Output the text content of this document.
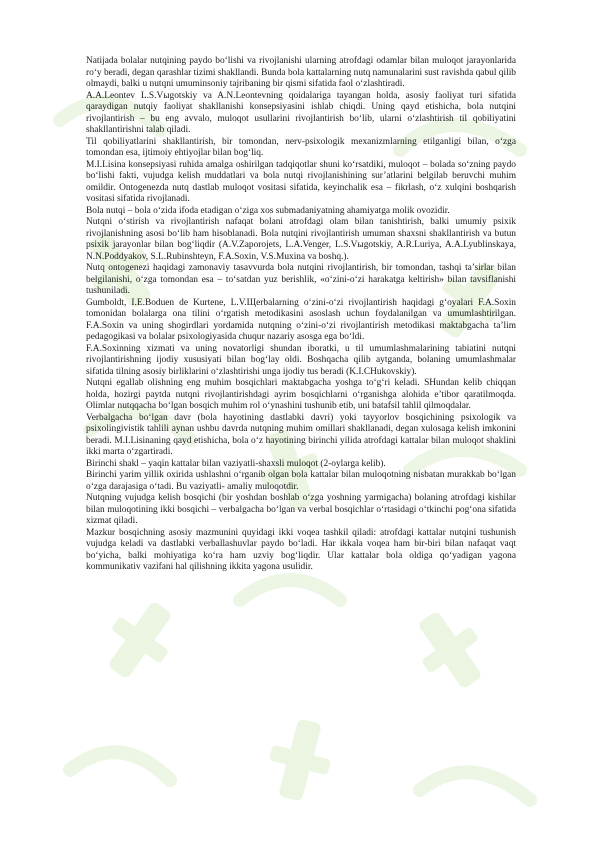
Natijada bolalar nutqining paydo bo‘lishi va rivojlanishi ularning atrofdagi odamlar bilan muloqot jarayonlarida ro‘y beradi, degan qarashlar tizimi shakllandi. Bunda bola kattalarning nutq namunalarini sust ravishda qabul qilib olmaydi, balki u nutqni umuminsoniy tajribaning bir qismi sifatida faol o‘zlashtiradi.

A.A.Leontev L.S.Vыgotskiy va A.N.Leontevning qoidalariga tayangan holda, asosiy faoliyat turi sifatida qaraydigan nutqiy faoliyat shakllanishi konsepsiyasini ishlab chiqdi. Uning qayd etishicha, bola nutqini rivojlantirish – bu eng avvalo, muloqot usullarini rivojlantirish bo‘lib, ularni o‘zlashtirish til qobiliyatini shakllantirishni talab qiladi.

Til qobiliyatlarini shakllantirish, bir tomondan, nerv-psixologik mexanizmlarning etilganligi bilan, o‘zga tomondan esa, ijtimoiy ehtiyojlar bilan bog‘liq.

M.I.Lisina konsepsiyasi ruhida amalga oshirilgan tadqiqotlar shuni ko‘rsatdiki, muloqot – bolada so‘zning paydo bo‘lishi fakti, vujudga kelish muddatlari va bola nutqi rivojlanishining sur’atlarini belgilab beruvchi muhim omildir. Ontogenezda nutq dastlab muloqot vositasi sifatida, keyinchalik esa – fikrlash, o‘z xulqini boshqarish vositasi sifatida rivojlanadi.

Bola nutqi – bola o‘zida ifoda etadigan o‘ziga xos submadaniyatning ahamiyatga molik ovozidir.

Nutqni o‘stirish va rivojlantirish nafaqat bolani atrofdagi olam bilan tanishtirish, balki umumiy psixik rivojlanishning asosi bo‘lib ham hisoblanadi. Bola nutqini rivojlantirish umuman shaxsni shakllantirish va butun psixik jarayonlar bilan bog‘liqdir (A.V.Zaporojets, L.A.Venger, L.S.Vыgotskiy, A.R.Luriya, A.A.Lyublinskaya, N.N.Poddyakov, S.L.Rubinshteyn, F.A.Soxin, V.S.Muxina va boshq.).

Nutq ontogenezi haqidagi zamonaviy tasavvurda bola nutqini rivojlantirish, bir tomondan, tashqi ta’sirlar bilan belgilanishi, o‘zga tomondan esa – to‘satdan yuz berishlik, «o‘zini-o‘zi harakatga keltirish» bilan tavsiflanishi tushuniladi.

Gumboldt, I.E.Boduen de Kurtene, L.V.Щerbalarning o‘zini-o‘zi rivojlantirish haqidagi g‘oyalari F.A.Soxin tomonidan bolalarga ona tilini o‘rgatish metodikasini asoslash uchun foydalanilgan va umumlashtirilgan. F.A.Soxin va uning shogirdlari yordamida nutqning o‘zini-o‘zi rivojlantirish metodikasi maktabgacha ta’lim pedagogikasi va bolalar psixologiyasida chuqur nazariy asosga ega bo‘ldi.

F.A.Soxinning xizmati va uning novatorligi shundan iboratki, u til umumlashmalarining tabiatini nutqni rivojlantirishning ijodiy xususiyati bilan bog‘lay oldi. Boshqacha qilib aytganda, bolaning umumlashmalar sifatida tilning asosiy birliklarini o‘zlashtirishi unga ijodiy tus beradi (K.I.CHukovskiy).

Nutqni egallab olishning eng muhim bosqichlari maktabgacha yoshga to‘g‘ri keladi. SHundan kelib chiqqan holda, hozirgi paytda nutqni rivojlantirishdagi ayrim bosqichlarni o‘rganishga alohida e’tibor qaratilmoqda. Olimlar nutqqacha bo‘lgan bosqich muhim rol o‘ynashini tushunib etib, uni batafsil tahlil qilmoqdalar.

Verbalgacha bo‘lgan davr (bola hayotining dastlabki davri) yoki tayyorlov bosqichining psixologik va psixolingivistik tahlili aynan ushbu davrda nutqning muhim omillari shakllanadi, degan xulosaga kelish imkonini beradi. M.I.Lisinaning qayd etishicha, bola o‘z hayotining birinchi yilida atrofdagi kattalar bilan muloqot shaklini ikki marta o‘zgartiradi.

Birinchi shakl – yaqin kattalar bilan vaziyatli-shaxsli muloqot (2-oylarga kelib).

Birinchi yarim yillik oxirida ushlashni o‘rganib olgan bola kattalar bilan muloqotning nisbatan murakkab bo‘lgan o‘zga darajasiga o‘tadi. Bu vaziyatli- amaliy muloqotdir.

Nutqning vujudga kelish bosqichi (bir yoshdan boshlab o‘zga yoshning yarmigacha) bolaning atrofdagi kishilar bilan muloqotining ikki bosqichi – verbalgacha bo‘lgan va verbal bosqichlar o‘rtasidagi o‘tkinchi pog‘ona sifatida xizmat qiladi.

Mazkur bosqichning asosiy mazmunini quyidagi ikki voqea tashkil qiladi: atrofdagi kattalar nutqini tushunish vujudga keladi va dastlabki verballashuvlar paydo bo‘ladi. Har ikkala voqea ham bir-biri bilan nafaqat vaqt bo‘yicha, balki mohiyatiga ko‘ra ham uzviy bog‘liqdir. Ular kattalar bola oldiga qo‘yadigan yagona kommunikativ vazifani hal qilishning ikkita yagona usulidir.
